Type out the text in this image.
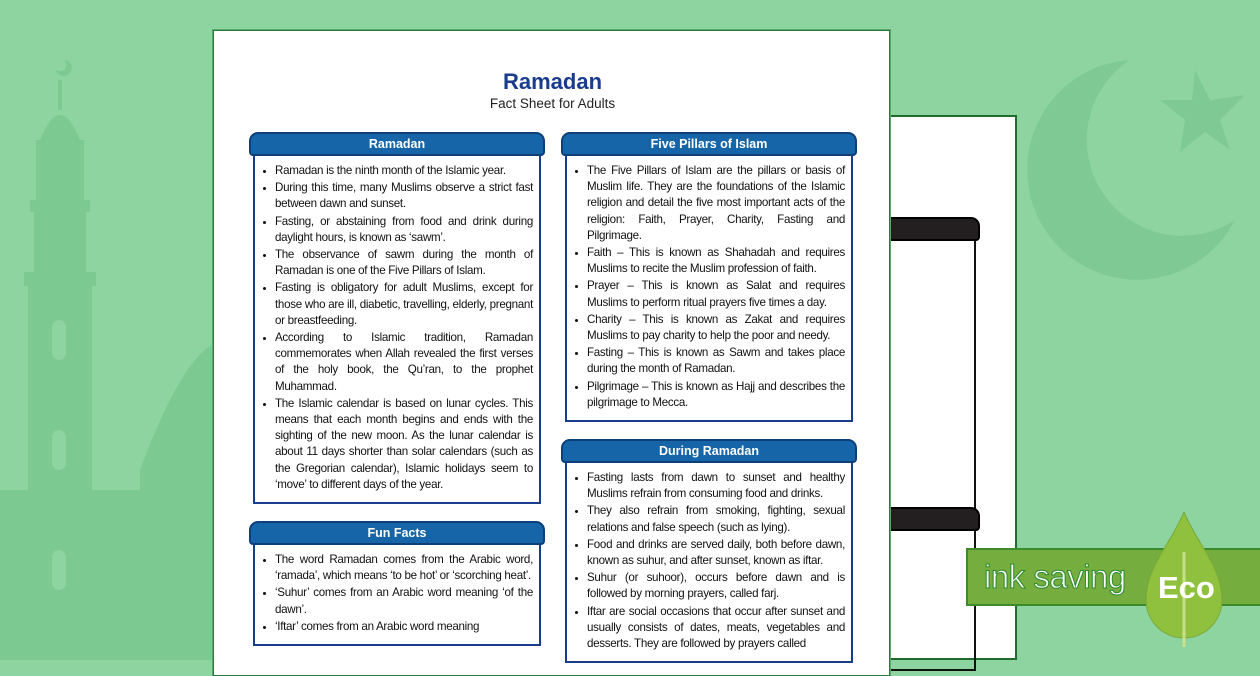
Ramadan
Fact Sheet for Adults
Ramadan
Ramadan is the ninth month of the Islamic year.
During this time, many Muslims observe a strict fast between dawn and sunset.
Fasting, or abstaining from food and drink during daylight hours, is known as ‘sawm’.
The observance of sawm during the month of Ramadan is one of the Five Pillars of Islam.
Fasting is obligatory for adult Muslims, except for those who are ill, diabetic, travelling, elderly, pregnant or breastfeeding.
According to Islamic tradition, Ramadan commemorates when Allah revealed the first verses of the holy book, the Qu’ran, to the prophet Muhammad.
The Islamic calendar is based on lunar cycles. This means that each month begins and ends with the sighting of the new moon. As the lunar calendar is about 11 days shorter than solar calendars (such as the Gregorian calendar), Islamic holidays seem to ‘move’ to different days of the year.
Fun Facts
The word Ramadan comes from the Arabic word, ‘ramada’, which means ‘to be hot’ or ‘scorching heat’.
‘Suhur’ comes from an Arabic word meaning ‘of the dawn’.
‘Iftar’ comes from an Arabic word meaning
Five Pillars of Islam
The Five Pillars of Islam are the pillars or basis of Muslim life. They are the foundations of the Islamic religion and detail the five most important acts of the religion: Faith, Prayer, Charity, Fasting and Pilgrimage.
Faith – This is known as Shahadah and requires Muslims to recite the Muslim profession of faith.
Prayer – This is known as Salat and requires Muslims to perform ritual prayers five times a day.
Charity – This is known as Zakat and requires Muslims to pay charity to help the poor and needy.
Fasting – This is known as Sawm and takes place during the month of Ramadan.
Pilgrimage – This is known as Hajj and describes the pilgrimage to Mecca.
During Ramadan
Fasting lasts from dawn to sunset and healthy Muslims refrain from consuming food and drinks.
They also refrain from smoking, fighting, sexual relations and false speech (such as lying).
Food and drinks are served daily, both before dawn, known as suhur, and after sunset, known as iftar.
Suhur (or suhoor), occurs before dawn and is followed by morning prayers, called farj.
Iftar are social occasions that occur after sunset and usually consists of dates, meats, vegetables and desserts. They are followed by prayers called
ink saving Eco
